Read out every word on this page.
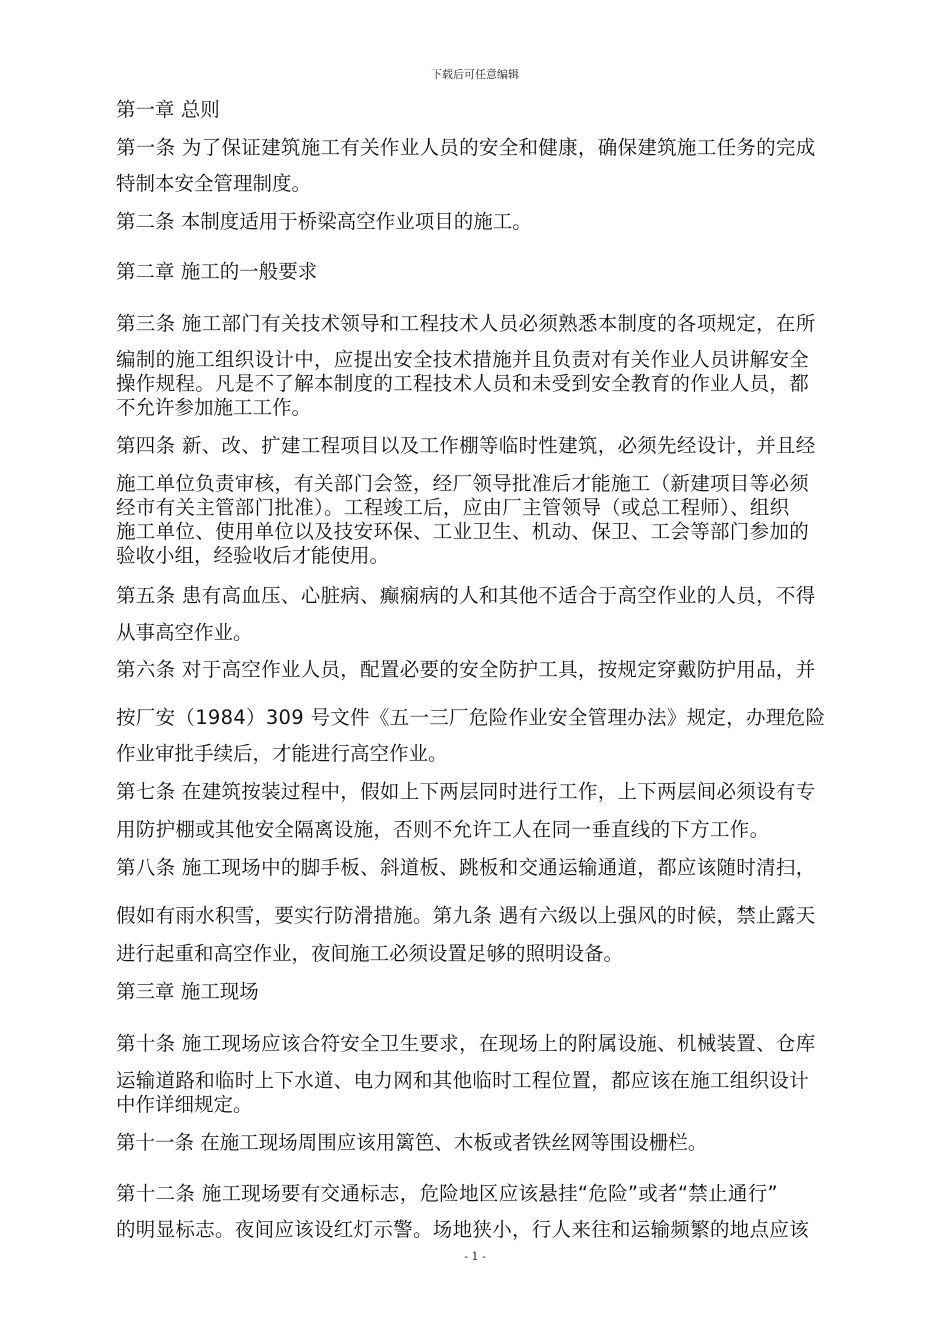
下载后可任意编辑
第一章 总则
第一条 为了保证建筑施工有关作业人员的安全和健康，确保建筑施工任务的完成
特制本安全管理制度。
第二条 本制度适用于桥梁高空作业项目的施工。
第二章 施工的一般要求
第三条 施工部门有关技术领导和工程技术人员必须熟悉本制度的各项规定，在所
编制的施工组织设计中，应提出安全技术措施并且负责对有关作业人员讲解安全
操作规程。凡是不了解本制度的工程技术人员和未受到安全教育的作业人员，都
不允许参加施工工作。
第四条 新、改、扩建工程项目以及工作棚等临时性建筑，必须先经设计，并且经
施工单位负责审核，有关部门会签，经厂领导批准后才能施工（新建项目等必须
经市有关主管部门批准）。工程竣工后，应由厂主管领导（或总工程师）、组织
施工单位、使用单位以及技安环保、工业卫生、机动、保卫、工会等部门参加的
验收小组，经验收后才能使用。
第五条 患有高血压、心脏病、癫痫病的人和其他不适合于高空作业的人员，不得
从事高空作业。
第六条 对于高空作业人员，配置必要的安全防护工具，按规定穿戴防护用品，并
按厂安（1984）309 号文件《五一三厂危险作业安全管理办法》规定，办理危险
作业审批手续后，才能进行高空作业。
第七条 在建筑按装过程中，假如上下两层同时进行工作，上下两层间必须设有专
用防护棚或其他安全隔离设施，否则不允许工人在同一垂直线的下方工作。
第八条 施工现场中的脚手板、斜道板、跳板和交通运输通道，都应该随时清扫，
假如有雨水积雪，要实行防滑措施。第九条 遇有六级以上强风的时候，禁止露天
进行起重和高空作业，夜间施工必须设置足够的照明设备。
第三章 施工现场
第十条 施工现场应该合符安全卫生要求，在现场上的附属设施、机械装置、仓库
运输道路和临时上下水道、电力网和其他临时工程位置，都应该在施工组织设计
中作详细规定。
第十一条 在施工现场周围应该用篱笆、木板或者铁丝网等围设栅栏。
第十二条 施工现场要有交通标志，危险地区应该悬挂“危险”或者“禁止通行”
的明显标志。夜间应该设红灯示警。场地狭小，行人来往和运输频繁的地点应该
- 1 -
